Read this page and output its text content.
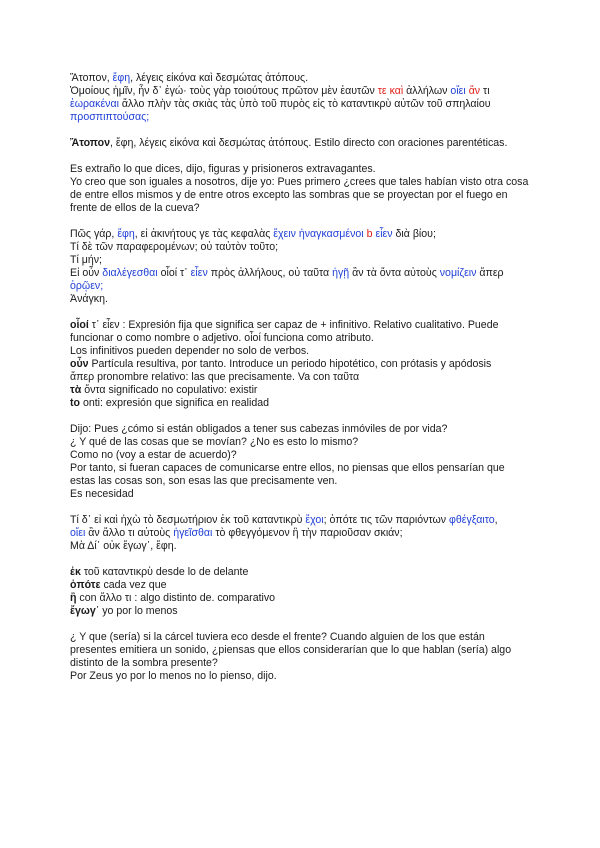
Ἄτοπον, ἔφη, λέγεις εἰκόνα καὶ δεσμώτας ἀτόπους.

Ὁμοίους ἡμῖν, ἦν δ᾽ ἐγώ· τοὺς γὰρ τοιούτους πρῶτον μὲν ἑαυτῶν τε καὶ ἀλλήλων οἴει ἄν τι

ἑωρακέναι ἄλλο πλὴν τὰς σκιὰς τὰς ὑπὸ τοῦ πυρὸς εἰς τὸ καταντικρὺ αὐτῶν τοῦ σπηλαίου

προσπιπτούσας;

Ἄτοπον, ἔφη, λέγεις εἰκόνα καὶ δεσμώτας ἀτόπους. Estilo directo con oraciones parentéticas.

Es extraño lo que dices, dijo, figuras y prisioneros extravagantes.

Yo creo que son iguales a nosotros, dije yo: Pues primero ¿crees que tales habían visto otra cosa de entre ellos mismos y de entre otros excepto las sombras que se proyectan por el fuego en frente de ellos de la cueva?

Πῶς γάρ, ἔφη, εἰ ἀκινήτους γε τὰς κεφαλὰς ἔχειν ἠναγκασμένοι b εἶεν διὰ βίου;

Τί δὲ τῶν παραφερομένων; οὐ ταὐτὸν τοῦτο;

Τί μήν;

Εἰ οὖν διαλέγεσθαι οἷοί τ᾽ εἶεν πρὸς ἀλλήλους, οὐ ταῦτα ἡγῇ ἂν τὰ ὄντα αὐτοὺς νομίζειν ἅπερ

ὁρῷεν;

Ἀνάγκη.

οἷοί τ᾽ εἶεν : Expresión fija que significa ser capaz de + infinitivo. Relativo cualitativo. Puede funcionar o como nombre o adjetivo. οἷοί funciona como atributo.

Los infinitivos pueden depender no solo de verbos.

οὖν Partícula resultiva, por tanto. Introduce un periodo hipotético, con prótasis y apódosis

ἅπερ pronombre relativo: las que precisamente. Va con ταῦτα

τὰ ὄντα significado no copulativo: existir

to onti: expresión que significa en realidad

Dijo: Pues ¿cómo si están obligados a tener sus cabezas inmóviles de por vida?

¿ Y qué de las cosas que se movían? ¿No es esto lo mismo?

Como no (voy a estar de acuerdo)?

Por tanto, si fueran capaces de comunicarse entre ellos, no piensas que ellos pensarían que estas las cosas son, son esas las que precisamente ven.

Es necesidad

Τί δ᾽ εἰ καὶ ἠχὼ τὸ δεσμωτήριον ἐκ τοῦ καταντικρὺ ἔχοι; ὁπότε τις τῶν παριόντων φθέγξαιτο,

οἴει ἂν ἄλλο τι αὐτοὺς ἡγεῖσθαι τὸ φθεγγόμενον ἢ τὴν παριοῦσαν σκιάν;

Μὰ Δί᾽ οὐκ ἔγωγ᾽, ἔφη.

ἐκ τοῦ καταντικρὺ desde lo de delante

ὁπότε cada vez que

ἢ con ἄλλο τι : algo distinto de. comparativo

ἔγωγ᾽ yo por lo menos

¿ Y que (sería) si la cárcel tuviera eco desde el frente? Cuando alguien de los que están presentes emitiera un sonido, ¿piensas que ellos considerarían que lo que hablan (sería) algo distinto de la sombra presente?

Por Zeus yo por lo menos no lo pienso, dijo.
